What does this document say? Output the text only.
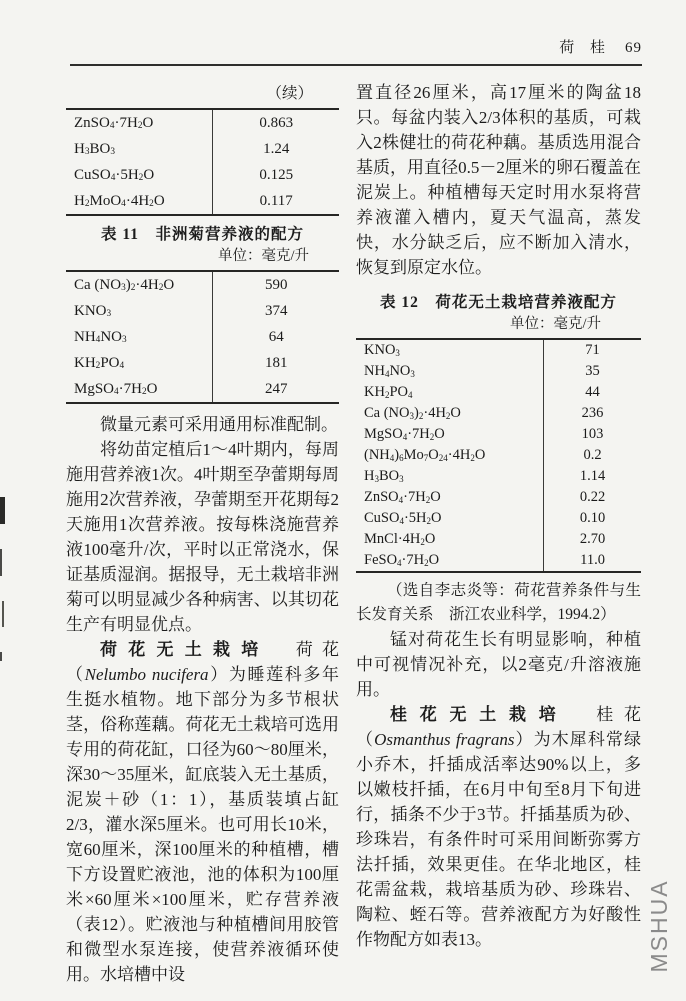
荷 桂 69
（续）
ZnSO$_4$ $\cdot 7H_2$ O	0.863
$H_3$ $BO_3$	1.24
CuSO$_4$ $\cdot 5H_2$ O	0.125
$H_2$ $MoO_4 \cdot 4H_2$ O	0.117
表 11　非洲菊营养液的配方
单位：毫克/升
Ca ($NO_3$ )$_2 \cdot 4H_2$ O	590
$KNO_3$	374
$NH_4$ $NO_3$	64
$KH_2$ $PO_4$	181
MgSO$_4$ $\cdot 7H_2$ O	247

微量元素可采用通用标准配制。

将幼苗定植后1～4叶期内，每周施用营养液1次。4叶期至孕蕾期每周施用2次营养液，孕蕾期至开花期每2天施用1次营养液。按每株浇施营养液100毫升/次，平时以正常浇水，保证基质湿润。据报导，无土栽培非洲菊可以明显减少各种病害、以其切花生产有明显优点。

荷花无土栽培　荷花（Nelumbo nucifera）为睡莲科多年生挺水植物。地下部分为多节根状茎，俗称莲藕。荷花无土栽培可选用专用的荷花缸，口径为60～80厘米，深30～35厘米，缸底装入无土基质，泥炭＋砂（1：1），基质装填占缸2/3，灌水深5厘米。也可用长10米，宽60厘米，深100厘米的种植槽，槽下方设置贮液池，池的体积为100厘米×60厘米×100厘米，贮存营养液（表12）。贮液池与种植槽间用胶管和微型水泵连接，使营养液循环使用。水培槽中设

置直径26厘米，高17厘米的陶盆18只。每盆内装入2/3体积的基质，可栽入2株健壮的荷花种藕。基质选用混合基质，用直径0.5－2厘米的卵石覆盖在泥炭上。种植槽每天定时用水泵将营养液灌入槽内，夏天气温高，蒸发快，水分缺乏后，应不断加入清水，恢复到原定水位。

表 12　荷花无土栽培营养液配方
单位：毫克/升
$KNO_3$	71
$NH_4$ $NO_3$	35
$KH_2$ $PO_4$	44
Ca ($NO_3$ )$_2 \cdot 4H_2$ O	236
MgSO$_4$ $\cdot 7H_2$ O	103
($NH_4$ )$_6$ $Mo_7$ $O_{24} \cdot 4H_2$ O	0.2
$H_3$ $BO_3$	1.14
ZnSO$_4$ $\cdot 7H_2$ O	0.22
CuSO$_4$ $\cdot 5H_2$ O	0.10
$MnCl\cdot 4H_2$ O	2.70
FeSO$_4$ $\cdot 7H_2$ O	11.0

（选自李志炎等：荷花营养条件与生长发育关系　浙江农业科学，1994.2）

锰对荷花生长有明显影响，种植中可视情况补充，以2毫克/升溶液施用。

桂花无土栽培　桂花（Osmanthus fragrans）为木犀科常绿小乔木，扦插成活率达90%以上，多以嫩枝扦插，在6月中旬至8月下旬进行，插条不少于3节。扦插基质为砂、珍珠岩，有条件时可采用间断弥雾方法扦插，效果更佳。在华北地区，桂花需盆栽，栽培基质为砂、珍珠岩、陶粒、蛭石等。营养液配方为好酸性作物配方如表13。	MSHUA
